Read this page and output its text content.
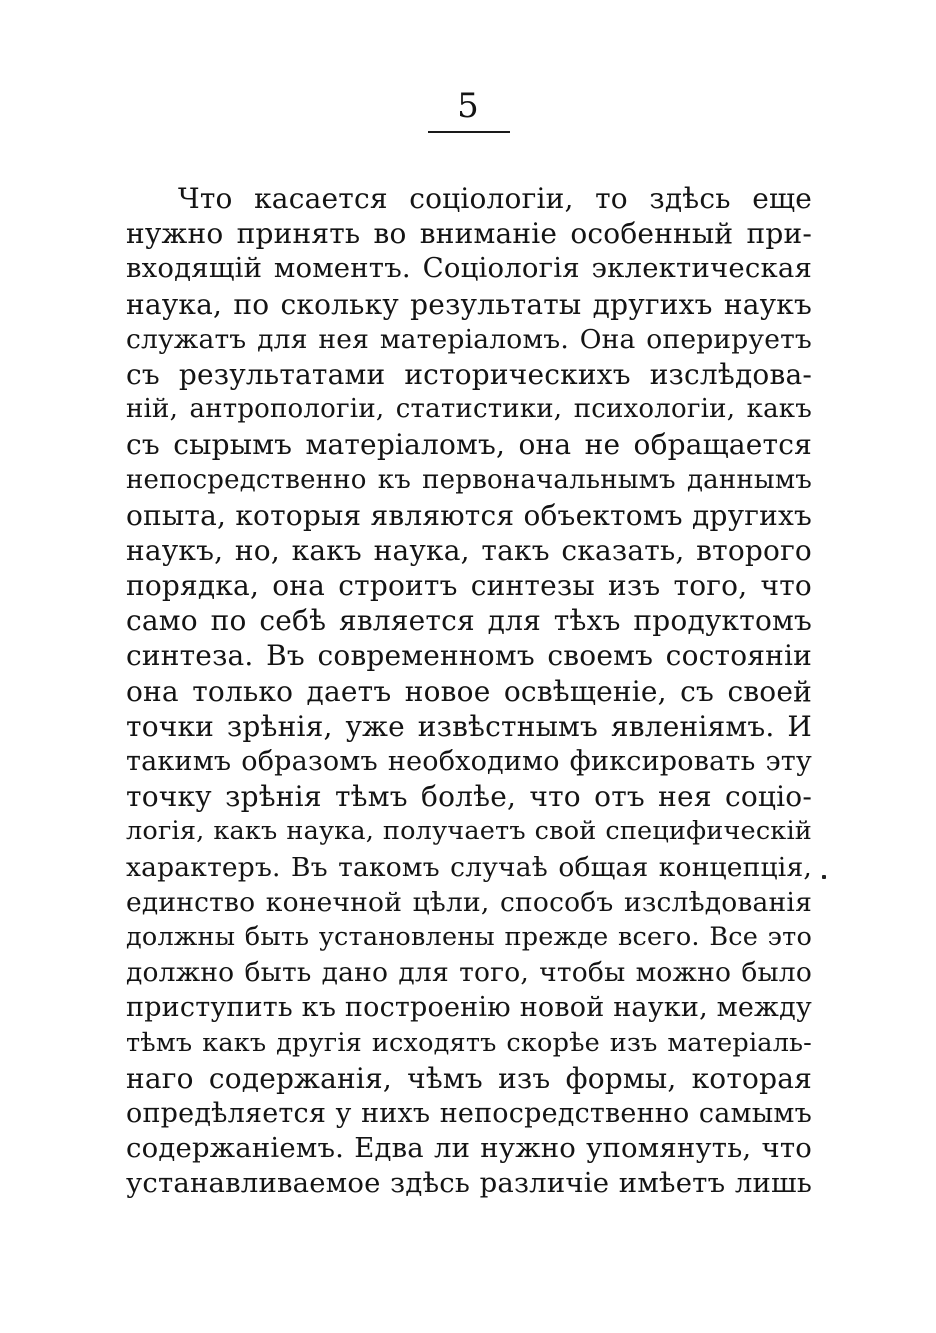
5
Что касается соціологіи, то здѣсь еще
нужно принять во вниманіе особенный при-
входящій моментъ. Соціологія эклектическая
наука, по скольку результаты другихъ наукъ
служатъ для нея матеріаломъ. Она оперируетъ
съ результатами историческихъ изслѣдова-
ній, антропологіи, статистики, психологіи, какъ
съ сырымъ матеріаломъ, она не обращается
непосредственно къ первоначальнымъ даннымъ
опыта, которыя являются объектомъ другихъ
наукъ, но, какъ наука, такъ сказать, второго
порядка, она строитъ синтезы изъ того, что
само по себѣ является для тѣхъ продуктомъ
синтеза. Въ современномъ своемъ состояніи
она только даетъ новое освѣщеніе, съ своей
точки зрѣнія, уже извѣстнымъ явленіямъ. И
такимъ образомъ необходимо фиксировать эту
точку зрѣнія тѣмъ болѣе, что отъ нея соціо-
логія, какъ наука, получаетъ свой специфическій
характеръ. Въ такомъ случаѣ общая концепція,
единство конечной цѣли, способъ изслѣдованія
должны быть установлены прежде всего. Все это
должно быть дано для того, чтобы можно было
приступить къ построенію новой науки, между
тѣмъ какъ другія исходятъ скорѣе изъ матеріаль-
наго содержанія, чѣмъ изъ формы, которая
опредѣляется у нихъ непосредственно самымъ
содержаніемъ. Едва ли нужно упомянуть, что
устанавливаемое здѣсь различіе имѣетъ лишь
